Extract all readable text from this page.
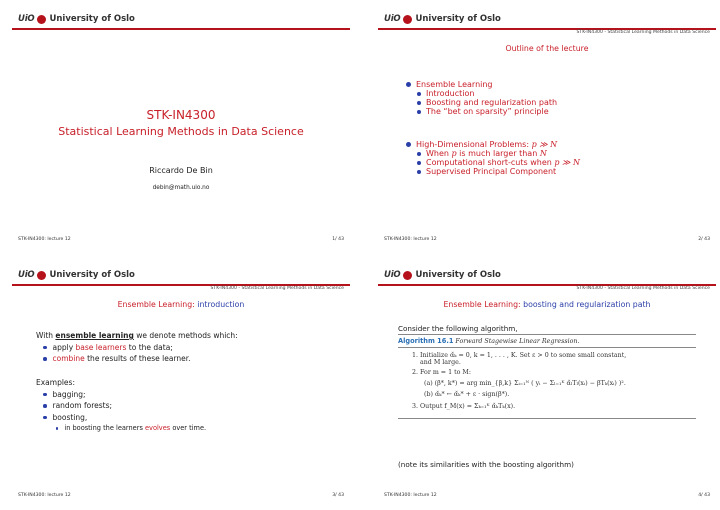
UiO University of Oslo
STK-IN4300
Statistical Learning Methods in Data Science
Riccardo De Bin
debin@math.uio.no
STK-IN4300: lecture 12	1/ 43
UiO University of Oslo
STK-IN4300 - Statistical Learning Methods in Data Science
Outline of the lecture
Ensemble Learning
Introduction
Boosting and regularization path
The “bet on sparsity” principle
High-Dimensional Problems: p ≫ N
When p is much larger than N
Computational short-cuts when p ≫ N
Supervised Principal Component
STK-IN4300: lecture 12	2/ 43
UiO University of Oslo
STK-IN4300 - Statistical Learning Methods in Data Science
Ensemble Learning: introduction
With ensemble learning we denote methods which:
apply base learners to the data;
combine the results of these learner.
Examples:
bagging;
random forests;
boosting,
in boosting the learners evolves over time.
STK-IN4300: lecture 12	3/ 43
UiO University of Oslo
STK-IN4300 - Statistical Learning Methods in Data Science
Ensemble Learning: boosting and regularization path
Consider the following algorithm,
Algorithm 16.1 Forward Stagewise Linear Regression.
1. Initialize α̌ₖ = 0, k = 1, . . . , K. Set ε > 0 to some small constant,
and M large.
2. For m = 1 to M:
(a) (β*, k*) = arg min_{β,k} Σᵢ₌₁ᴺ ( yᵢ − Σₗ₌₁ᴷ α̌ₗTₗ(xᵢ) − βTₖ(xᵢ) )².
(b) α̌ₖ* ← α̌ₖ* + ε · sign(β*).
3. Output f_M(x) = Σₖ₌₁ᴷ α̌ₖTₖ(x).
(note its similarities with the boosting algorithm)
STK-IN4300: lecture 12	4/ 43
